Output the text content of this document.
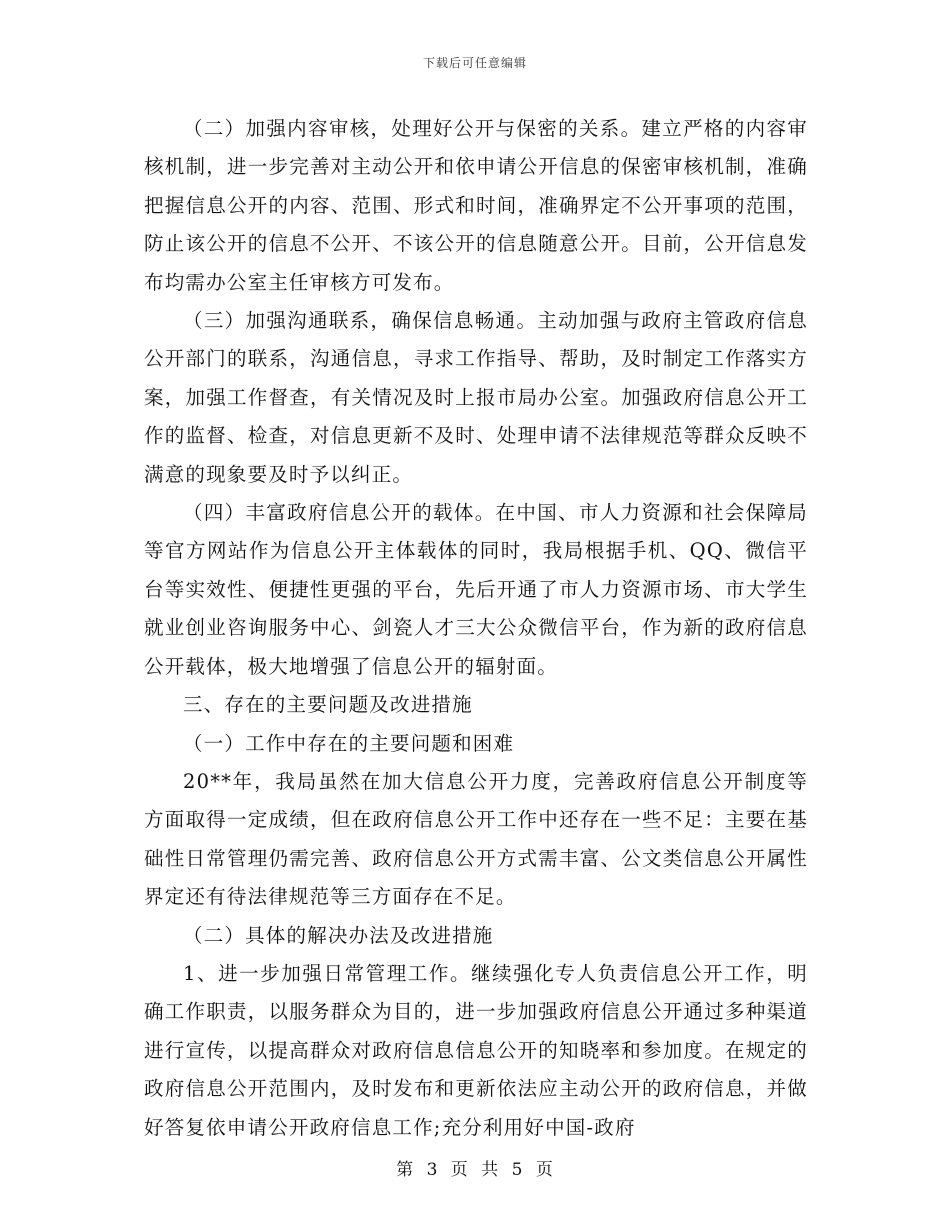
下载后可任意编辑

（二）加强内容审核，处理好公开与保密的关系。建立严格的内容审核机制，进一步完善对主动公开和依申请公开信息的保密审核机制，准确把握信息公开的内容、范围、形式和时间，准确界定不公开事项的范围，防止该公开的信息不公开、不该公开的信息随意公开。目前，公开信息发布均需办公室主任审核方可发布。

（三）加强沟通联系，确保信息畅通。主动加强与政府主管政府信息公开部门的联系，沟通信息，寻求工作指导、帮助，及时制定工作落实方案，加强工作督查，有关情况及时上报市局办公室。加强政府信息公开工作的监督、检查，对信息更新不及时、处理申请不法律规范等群众反映不满意的现象要及时予以纠正。

（四）丰富政府信息公开的载体。在中国、市人力资源和社会保障局等官方网站作为信息公开主体载体的同时，我局根据手机、QQ、微信平台等实效性、便捷性更强的平台，先后开通了市人力资源市场、市大学生就业创业咨询服务中心、剑瓷人才三大公众微信平台，作为新的政府信息公开载体，极大地增强了信息公开的辐射面。

三、存在的主要问题及改进措施

（一）工作中存在的主要问题和困难

20**年，我局虽然在加大信息公开力度，完善政府信息公开制度等方面取得一定成绩，但在政府信息公开工作中还存在一些不足：主要在基础性日常管理仍需完善、政府信息公开方式需丰富、公文类信息公开属性界定还有待法律规范等三方面存在不足。

（二）具体的解决办法及改进措施

1、进一步加强日常管理工作。继续强化专人负责信息公开工作，明确工作职责，以服务群众为目的，进一步加强政府信息公开通过多种渠道进行宣传，以提高群众对政府信息信息公开的知晓率和参加度。在规定的政府信息公开范围内，及时发布和更新依法应主动公开的政府信息，并做好答复依申请公开政府信息工作;充分利用好中国-政府

第 3 页 共 5 页
